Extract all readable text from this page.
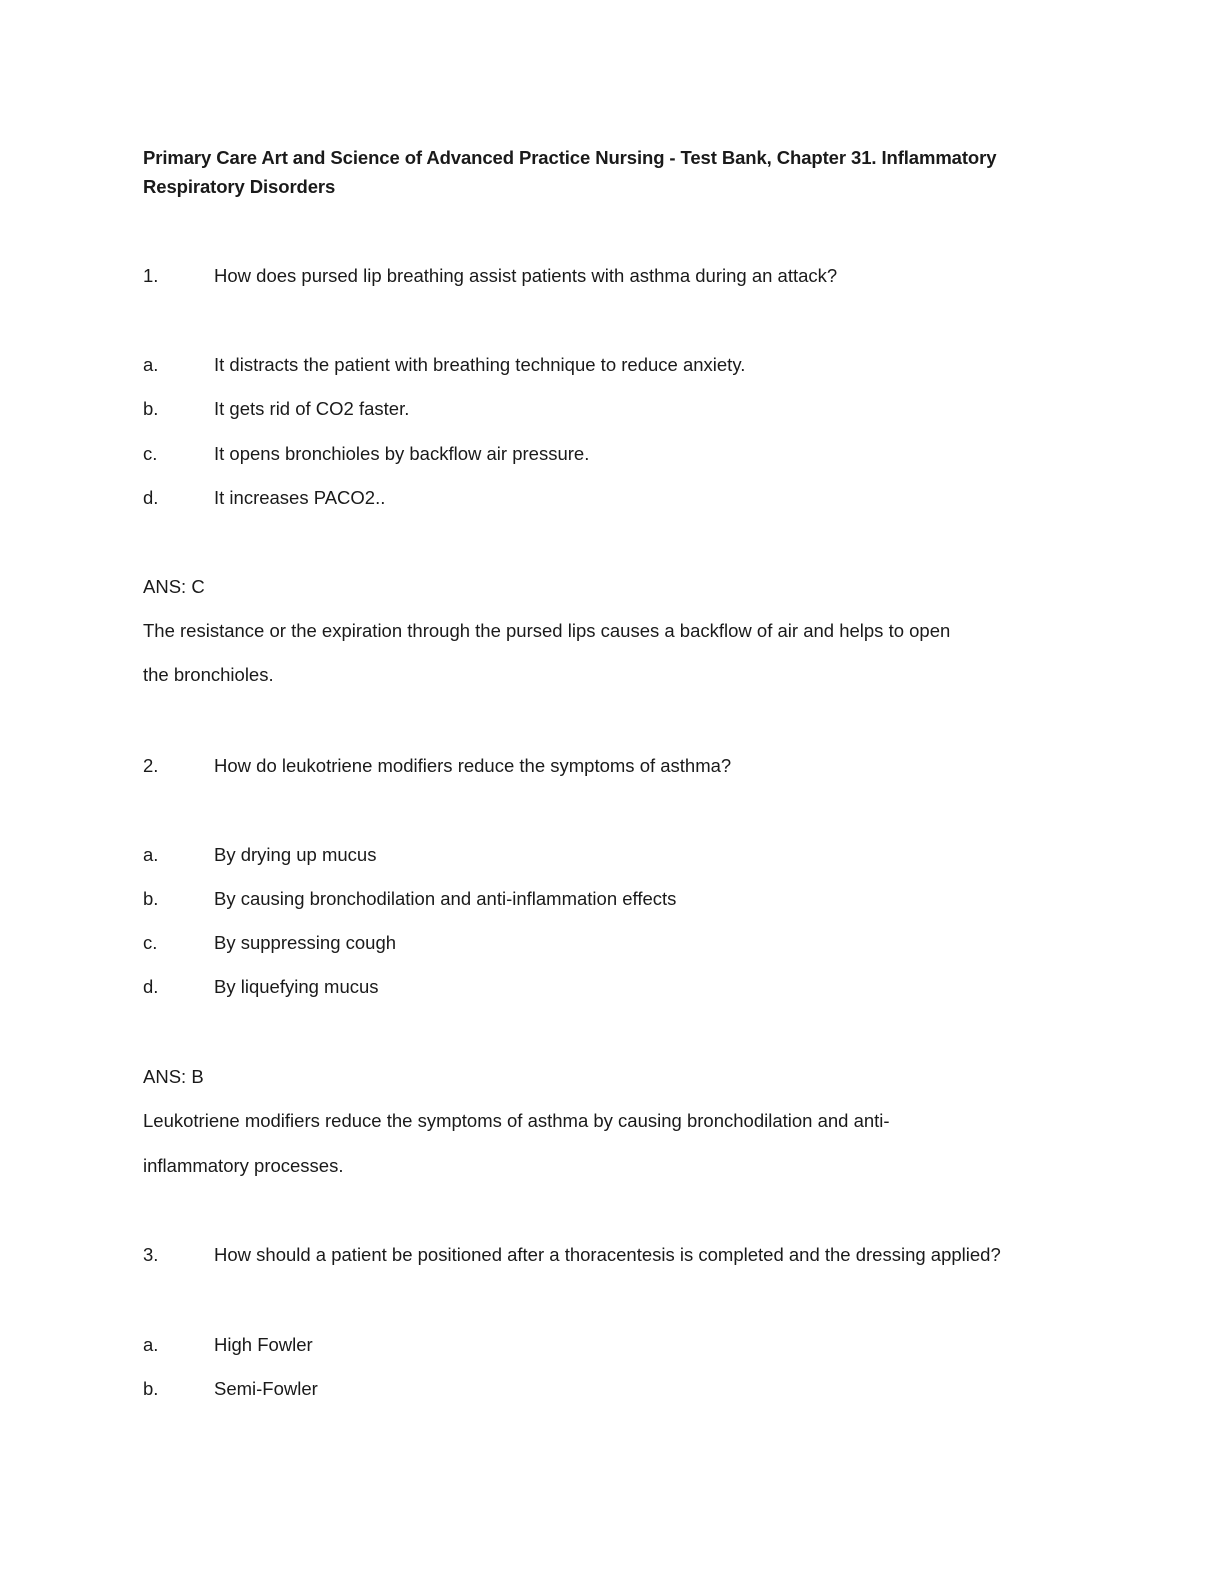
Primary Care Art and Science of Advanced Practice Nursing - Test Bank, Chapter 31. Inflammatory Respiratory Disorders
1.	How does pursed lip breathing assist patients with asthma during an attack?
a.	It distracts the patient with breathing technique to reduce anxiety.
b.	It gets rid of CO2 faster.
c.	It opens bronchioles by backflow air pressure.
d.	It increases PACO2..
ANS: C
The resistance or the expiration through the pursed lips causes a backflow of air and helps to open
the bronchioles.
2.	How do leukotriene modifiers reduce the symptoms of asthma?
a.	By drying up mucus
b.	By causing bronchodilation and anti-inflammation effects
c.	By suppressing cough
d.	By liquefying mucus
ANS: B
Leukotriene modifiers reduce the symptoms of asthma by causing bronchodilation and anti-
inflammatory processes.
3.	How should a patient be positioned after a thoracentesis is completed and the dressing applied?
a.	High Fowler
b.	Semi-Fowler
